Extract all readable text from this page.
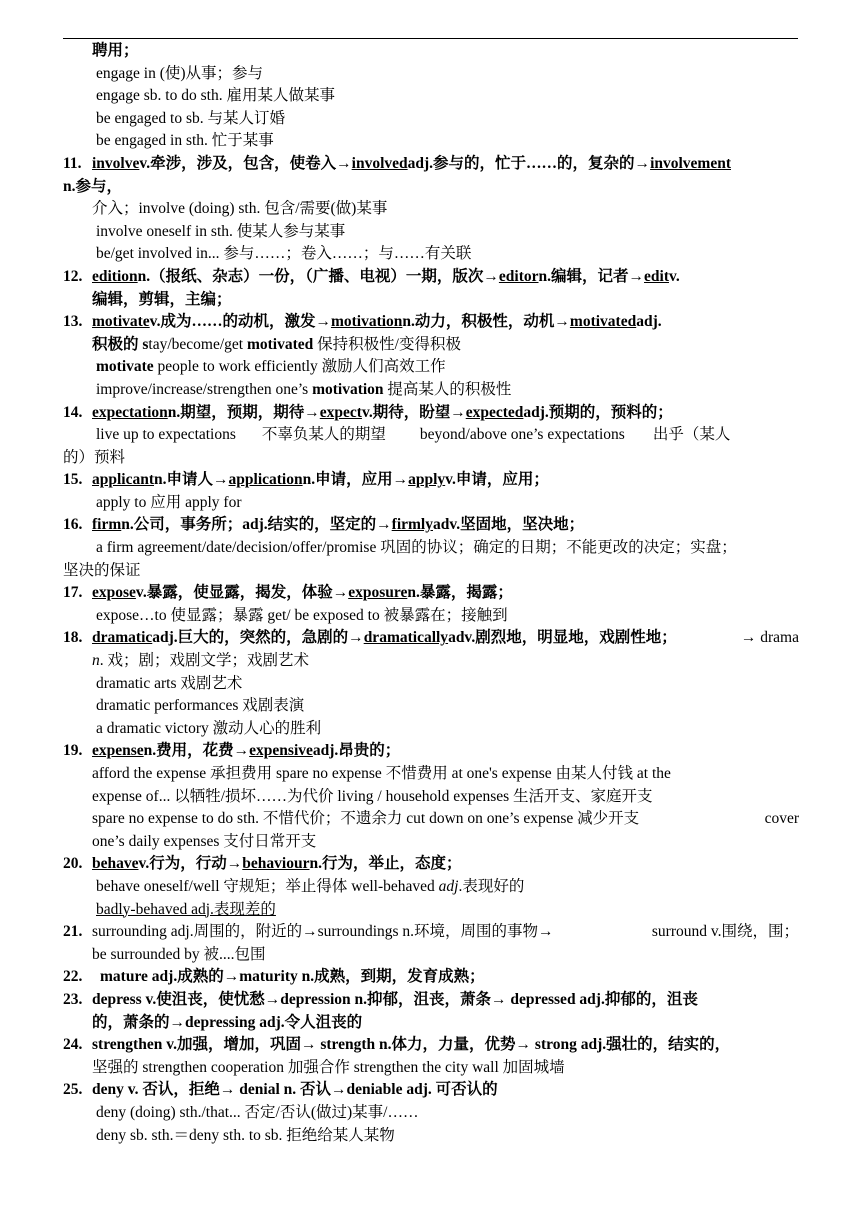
聘用；
engage in (使)从事；参与
engage sb. to do sth. 雇用某人做某事
be engaged to sb. 与某人订婚
be engaged in sth. 忙于某事
11. involvev.牵涉，涉及，包含，使卷入→involvedadj.参与的，忙于……的，复杂的→involvement
n.参与，
介入；involve (doing) sth. 包含/需要(做)某事
involve oneself in sth. 使某人参与某事
be/get involved in... 参与……；卷入……；与……有关联
12. editionn.（报纸、杂志）一份，（广播、电视）一期，版次→editorn.编辑，记者→editv.
编辑，剪辑，主编；
13. motivatev.成为……的动机，激发→motivationn.动力，积极性，动机→motivatedadj.
积极的 stay/become/get motivated 保持积极性/变得积极
motivate people to work efficiently 激励人们高效工作
improve/increase/strengthen one’s motivation 提高某人的积极性
14. expectationn.期望，预期，期待→expectv.期待，盼望→expectedadj.预期的，预料的；
live up to expectations 不辜负某人的期望 beyond/above one’s expectations 出乎（某人
的）预料
15. applicantn.申请人→applicationn.申请，应用→applyv.申请，应用；
apply to 应用 apply for
16. firmn.公司，事务所；adj.结实的，坚定的→firmlyadv.坚固地，坚决地；
a firm agreement/date/decision/offer/promise 巩固的协议；确定的日期；不能更改的决定；实盘；
坚决的保证
17. exposev.暴露，使显露，揭发，体验→exposuren.暴露，揭露；
expose…to 使显露；暴露 get/ be exposed to 被暴露在；接触到
18. dramaticadj.巨大的，突然的，急剧的→dramaticallyadv.剧烈地，明显地，戏剧性地；	→ drama
n. 戏；剧；戏剧文学；戏剧艺术
dramatic arts 戏剧艺术
dramatic performances 戏剧表演
a dramatic victory 激动人心的胜利
19. expensen.费用，花费→expensiveadj.昂贵的；
afford the expense 承担费用 spare no expense 不惜费用 at one's expense 由某人付钱 at the
expense of... 以牺牲/损坏……为代价 living / household expenses 生活开支、家庭开支
spare no expense to do sth. 不惜代价；不遗余力 cut down on one’s expense 减少开支	cover
one’s daily expenses 支付日常开支
20. behavev.行为，行动→behaviourn.行为，举止，态度；
behave oneself/well 守规矩；举止得体 well-behaved adj.表现好的
badly-behaved adj.表现差的
21. surrounding adj.周围的，附近的→surroundings n.环境，周围的事物→	surround v.围绕，围；
be surrounded by 被....包围
22. mature adj.成熟的→maturity n.成熟，到期，发育成熟；
23. depress v.使沮丧，使忧愁→depression n.抑郁，沮丧，萧条→ depressed adj.抑郁的，沮丧
的，萧条的→depressing adj.令人沮丧的
24. strengthen v.加强，增加，巩固→ strength n.体力，力量，优势→ strong adj.强壮的，结实的，
坚强的 strengthen cooperation 加强合作 strengthen the city wall 加固城墙
25. deny v. 否认，拒绝→ denial n. 否认→deniable adj. 可否认的
deny (doing) sth./that... 否定/否认(做过)某事/……
deny sb. sth.＝deny sth. to sb. 拒绝给某人某物
